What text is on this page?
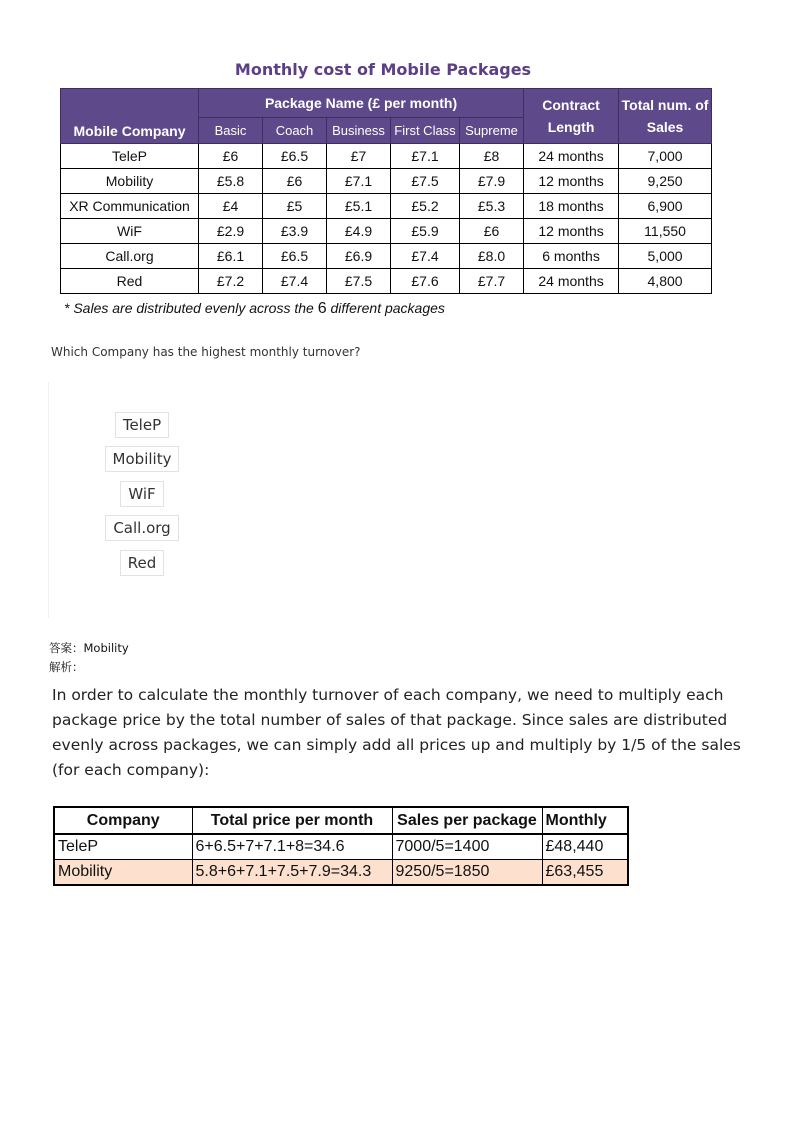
Monthly cost of Mobile Packages
Mobile Company	Package Name (£ per month)					Contract Length	Total num. of Sales
	Basic	Coach	Business	First Class	Supreme		
TeleP	£6	£6.5	£7	£7.1	£8	24 months	7,000
Mobility	£5.8	£6	£7.1	£7.5	£7.9	12 months	9,250
XR Communication	£4	£5	£5.1	£5.2	£5.3	18 months	6,900
WiF	£2.9	£3.9	£4.9	£5.9	£6	12 months	11,550
Call.org	£6.1	£6.5	£6.9	£7.4	£8.0	6 months	5,000
Red	£7.2	£7.4	£7.5	£7.6	£7.7	24 months	4,800
* Sales are distributed evenly across the 6 different packages
Which Company has the highest monthly turnover?
TeleP
Mobility
WiF
Call.org
Red
答案：Mobility
解析：
In order to calculate the monthly turnover of each company, we need to multiply each package price by the total number of sales of that package. Since sales are distributed evenly across packages, we can simply add all prices up and multiply by 1/5 of the sales (for each company):
Company	Total price per month	Sales per package	Monthly
TeleP	6+6.5+7+7.1+8=34.6	7000/5=1400	£48,440
Mobility	5.8+6+7.1+7.5+7.9=34.3	9250/5=1850	£63,455
